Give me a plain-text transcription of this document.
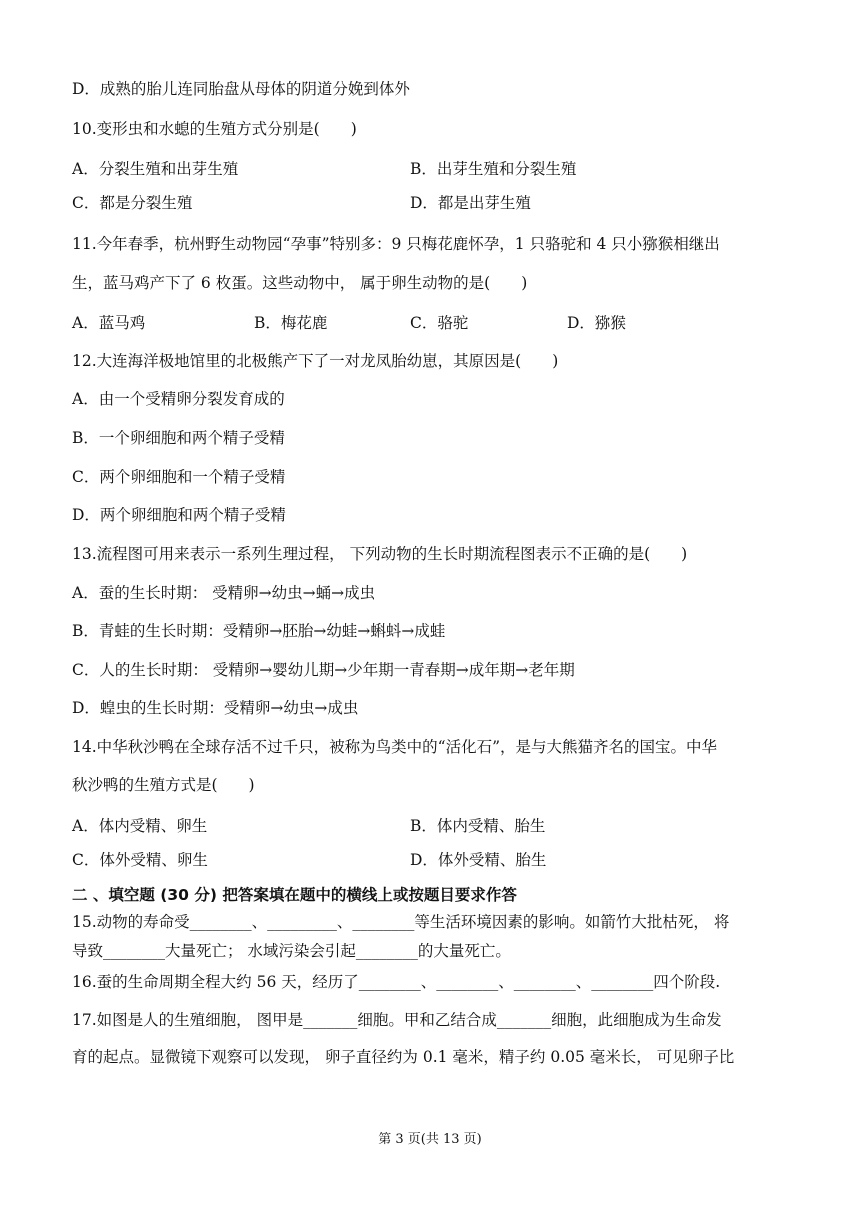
D．成熟的胎儿连同胎盘从母体的阴道分娩到体外
10.变形虫和水螅的生殖方式分别是(　　)
A．分裂生殖和出芽生殖	B．出芽生殖和分裂生殖
C．都是分裂生殖	D．都是出芽生殖
11.今年春季，杭州野生动物园“孕事”特别多：9 只梅花鹿怀孕，1 只骆驼和 4 只小猕猴相继出
生，蓝马鸡产下了 6 枚蛋。这些动物中， 属于卵生动物的是(　　)
A．蓝马鸡	B．梅花鹿	C．骆驼	D．猕猴
12.大连海洋极地馆里的北极熊产下了一对龙凤胎幼崽，其原因是(　　)
A．由一个受精卵分裂发育成的
B．一个卵细胞和两个精子受精
C．两个卵细胞和一个精子受精
D．两个卵细胞和两个精子受精
13.流程图可用来表示一系列生理过程， 下列动物的生长时期流程图表示不正确的是(　　)
A．蚕的生长时期： 受精卵→幼虫→蛹→成虫
B．青蛙的生长时期：受精卵→胚胎→幼蛙→蝌蚪→成蛙
C．人的生长时期： 受精卵→婴幼儿期→少年期一青春期→成年期→老年期
D．蝗虫的生长时期：受精卵→幼虫→成虫
14.中华秋沙鸭在全球存活不过千只，被称为鸟类中的“活化石”，是与大熊猫齐名的国宝。中华
秋沙鸭的生殖方式是(　　)
A．体内受精、卵生	B．体内受精、胎生
C．体外受精、卵生	D．体外受精、胎生
二 、填空题 (30 分) 把答案填在题中的横线上或按题目要求作答
15.动物的寿命受________、_________、________等生活环境因素的影响。如箭竹大批枯死， 将
导致________大量死亡； 水域污染会引起________的大量死亡。
16.蚕的生命周期全程大约 56 天，经历了________、________、________、________四个阶段.
17.如图是人的生殖细胞， 图甲是_______细胞。甲和乙结合成_______细胞，此细胞成为生命发
育的起点。显微镜下观察可以发现， 卵子直径约为 0.1 毫米，精子约 0.05 毫米长， 可见卵子比
第 3 页(共 13 页)
